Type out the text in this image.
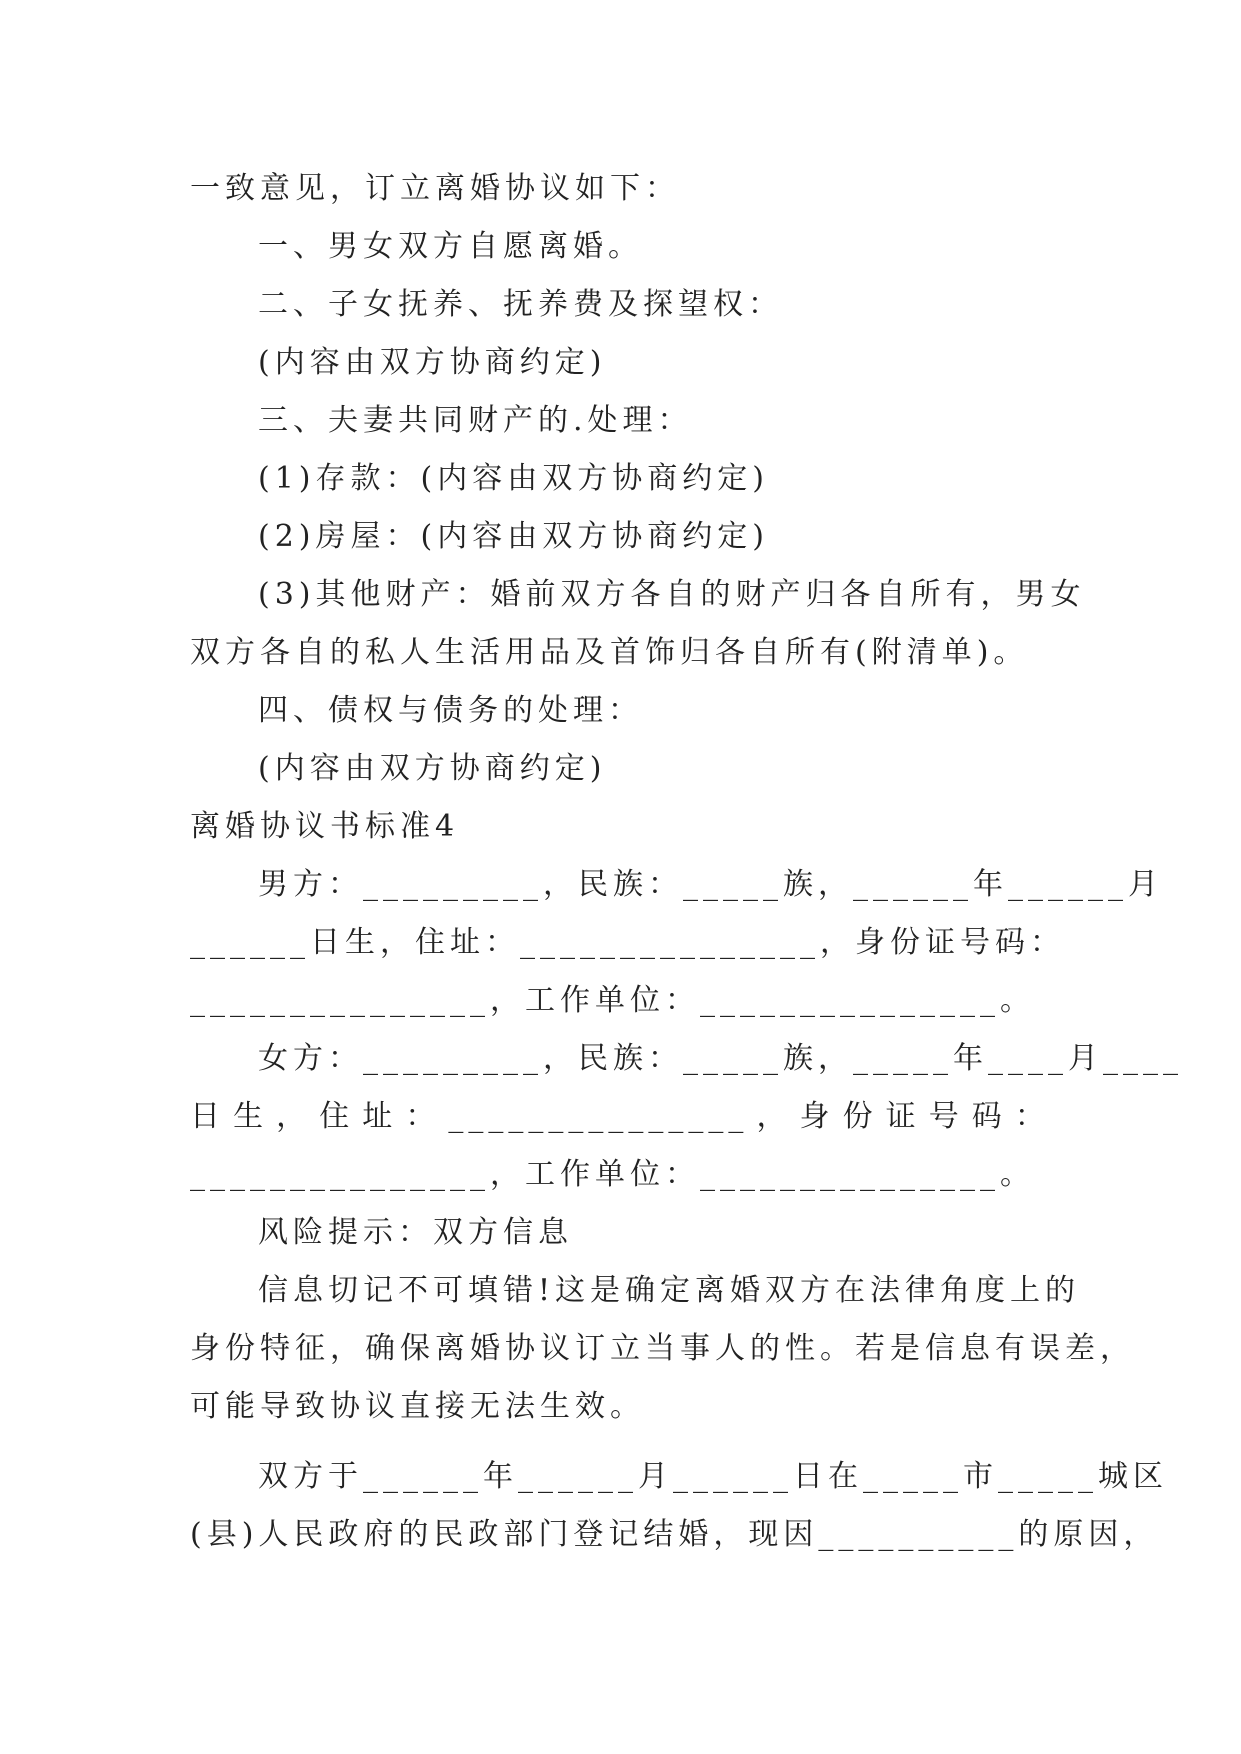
一致意见，订立离婚协议如下：
一、男女双方自愿离婚。
二、子女抚养、抚养费及探望权：
(内容由双方协商约定)
三、夫妻共同财产的.处理：
(1)存款：(内容由双方协商约定)
(2)房屋：(内容由双方协商约定)
(3)其他财产：婚前双方各自的财产归各自所有，男女
双方各自的私人生活用品及首饰归各自所有(附清单)。
四、债权与债务的处理：
(内容由双方协商约定)
离婚协议书标准4
男方：_________，民族：_____族，______年______月
______日 生， 住 址： _______________， 身 份 证 号 码：
_______________，工作单位：_______________。
女方：_________，民族：_____族，_____年____月____
日 生 ， 住 址 ： _______________ ， 身 份 证 号 码 ：
_______________，工作单位：_______________。
风险提示：双方信息
信息切记不可填错!这是确定离婚双方在法律角度上的
身份特征，确保离婚协议订立当事人的性。若是信息有误差，
可能导致协议直接无法生效。
双方于______年______月______日在_____市_____城区
(县)人民政府的民政部门登记结婚，现因__________的原因，
